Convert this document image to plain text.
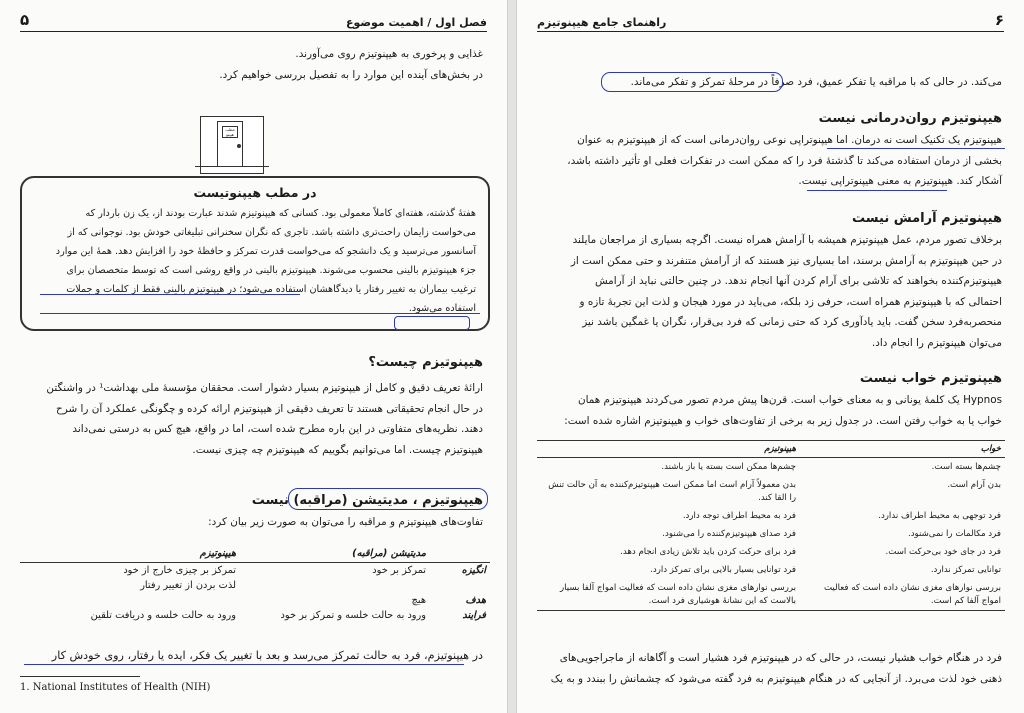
۵	فصل اول / اهمیت موضوع
غذایی و پرخوری به هیپنوتیزم روی می‌آورند.
در بخش‌های آینده این موارد را به تفصیل بررسی خواهیم کرد.
مطب هیپنو
در مطب هیپنوتیست
هفتهٔ گذشته، هفته‌ای کاملاً معمولی بود. کسانی که هیپنوتیزم شدند عبارت بودند از، یک زن باردار که
می‌خواست زایمان راحت‌تری داشته باشد. تاجری که نگران سخنرانی تبلیغاتی خودش بود. نوجوانی که از
آسانسور می‌ترسید و یک دانشجو که می‌خواست قدرت تمرکز و حافظهٔ خود را افزایش دهد. همهٔ این موارد
جزء هیپنوتیزم بالینی محسوب می‌شوند. هیپنوتیزم بالینی در واقع روشی است که توسط متخصصان برای
ترغیب بیماران به تغییر رفتار یا دیدگاهشان استفاده می‌شود؛ در هیپنوتیزم بالینی فقط از کلمات و جملات
استفاده می‌شود.
هیپنوتیزم چیست؟
ارائهٔ تعریف دقیق و کامل از هیپنوتیزم بسیار دشوار است. محققان مؤسسهٔ ملی بهداشت¹ در واشنگتن
در حال انجام تحقیقاتی هستند تا تعریف دقیقی از هیپنوتیزم ارائه کرده و چگونگی عملکرد آن را شرح
دهند. نظریه‌های متفاوتی در این باره مطرح شده است، اما در واقع، هیچ کس به درستی نمی‌داند
هیپنوتیزم چیست. اما می‌توانیم بگوییم که هیپنوتیزم چه چیزی نیست.
هیپنوتیزم ، مدیتیشن (مراقبه) نیست
تفاوت‌های هیپنوتیزم و مراقبه را می‌توان به صورت زیر بیان کرد:
	مدیتیشن (مراقبه)	هیپنوتیزم
انگیزه	تمرکز بر خود	تمرکز بر چیزی خارج از خود
		لذت بردن از تغییر رفتار
هدف	هیچ	
فرایند	ورود به حالت خلسه و تمرکز بر خود	ورود به حالت خلسه و دریافت تلقین
در هیپنوتیزم، فرد به حالت تمرکز می‌رسد و بعد با تغییر یک فکر، ایده یا رفتار، روی خودش کار
1. National Institutes of Health (NIH)
راهنمای جامع هیپنوتیزم	۶
می‌کند. در حالی که با مراقبه یا تفکر عمیق، فرد صرفاً در مرحلهٔ تمرکز و تفکر می‌ماند.
هیپنوتیزم روان‌درمانی نیست
هیپنوتیزم یک تکنیک است نه درمان. اما هیپنوتراپی نوعی روان‌درمانی است که از هیپنوتیزم به عنوان
بخشی از درمان استفاده می‌کند تا گذشتهٔ فرد را که ممکن است در تفکرات فعلی او تأثیر داشته باشد،
آشکار کند. هیپنوتیزم به معنی هیپنوتراپی نیست.
هیپنوتیزم آرامش نیست
برخلاف تصور مردم، عمل هیپنوتیزم همیشه با آرامش همراه نیست. اگرچه بسیاری از مراجعان مایلند
در حین هیپنوتیزم به آرامش برسند، اما بسیاری نیز هستند که از آرامش متنفرند و حتی ممکن است از
هیپنوتیزم‌کننده بخواهند که تلاشی برای آرام کردن آنها انجام ندهد. در چنین حالتی نباید از آرامش
احتمالی که با هیپنوتیزم همراه است، حرفی زد بلکه، می‌باید در مورد هیجان و لذت این تجربهٔ تازه و
منحصربه‌فرد سخن گفت. باید یادآوری کرد که حتی زمانی که فرد بی‌قرار، نگران یا غمگین باشد نیز
می‌توان هیپنوتیزم را انجام داد.
هیپنوتیزم خواب نیست
Hypnos یک کلمهٔ یونانی و به معنای خواب است. قرن‌ها پیش مردم تصور می‌کردند هیپنوتیزم همان
خواب یا به خواب رفتن است. در جدول زیر به برخی از تفاوت‌های خواب و هیپنوتیزم اشاره شده است:
خواب	هیپنوتیزم
چشم‌ها بسته است.	چشم‌ها ممکن است بسته یا باز باشند.
بدن آرام است.	بدن معمولاً آرام است اما ممکن است هیپنوتیزم‌کننده به آن حالت تنش را القا کند.
فرد توجهی به محیط اطراف ندارد.	فرد به محیط اطراف توجه دارد.
فرد مکالمات را نمی‌شنود.	فرد صدای هیپنوتیزم‌کننده را می‌شنود.
فرد در جای خود بی‌حرکت است.	فرد برای حرکت کردن باید تلاش زیادی انجام دهد.
توانایی تمرکز ندارد.	فرد توانایی بسیار بالایی برای تمرکز دارد.
بررسی نوارهای مغزی نشان داده است که فعالیت امواج آلفا کم است.	بررسی نوارهای مغزی نشان داده است که فعالیت امواج آلفا بسیار بالاست که این نشانهٔ هوشیاری فرد است.
فرد در هنگام خواب هشیار نیست، در حالی که در هیپنوتیزم فرد هشیار است و آگاهانه از ماجراجویی‌های
ذهنی خود لذت می‌برد. از آنجایی که در هنگام هیپنوتیزم به فرد گفته می‌شود که چشمانش را ببندد و به یک
